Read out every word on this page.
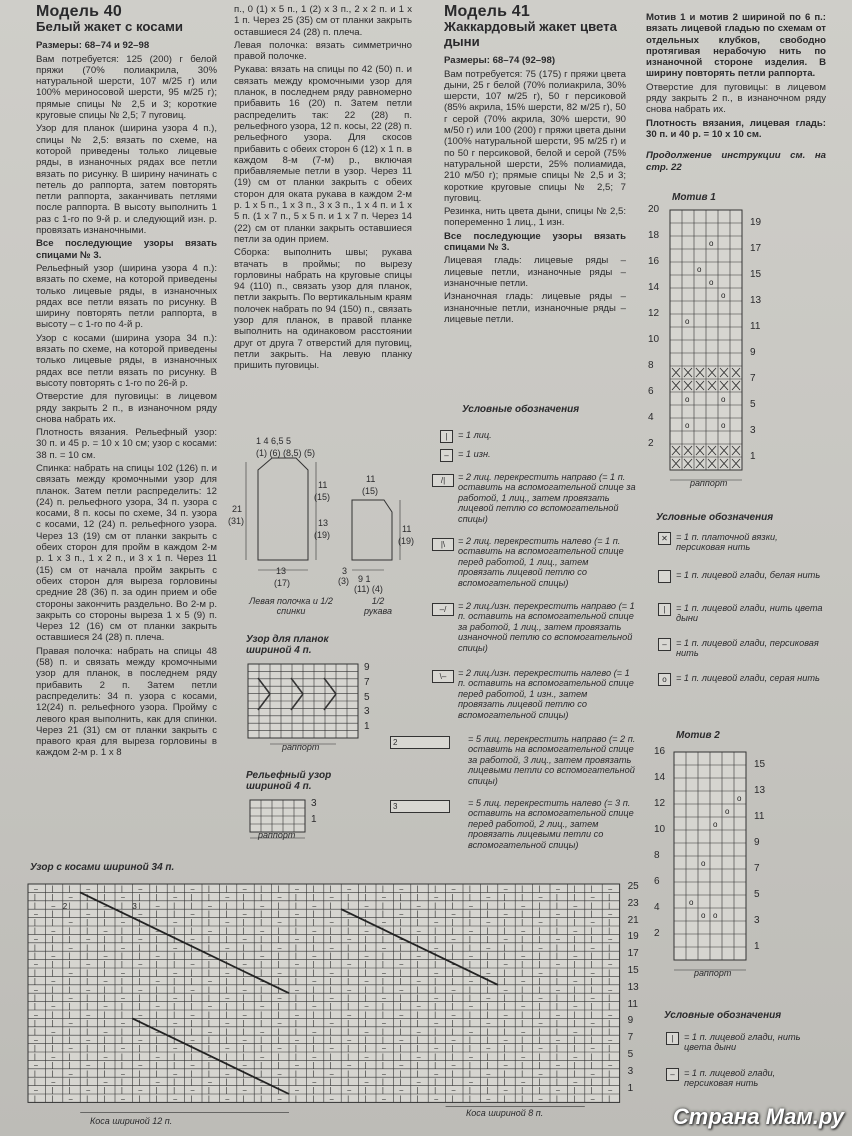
Модель 40
Белый жакет с косами

Размеры: 68–74 и 92–98

Вам потребуется: 125 (200) г белой пряжи (70% полиакрила, 30% натуральной шерсти, 107 м/25 г) или 100% мериносовой шерсти, 95 м/25 г); прямые спицы № 2,5 и 3; короткие круговые спицы № 2,5; 7 пуговиц.

Узор для планок (ширина узора 4 п.), спицы № 2,5: вязать по схеме, на которой приведены только лицевые ряды, в изнаночных рядах все петли вязать по рисунку. В ширину начинать с петель до раппорта, затем повторять петли раппорта, заканчивать петлями после раппорта. В высоту выполнить 1 раз с 1-го по 9-й р. и следующий изн. р. провязать изнаночными.

Все последующие узоры вязать спицами № 3.

Рельефный узор (ширина узора 4 п.): вязать по схеме, на которой приведены только лицевые ряды, в изнаночных рядах все петли вязать по рисунку. В ширину повторять петли раппорта, в высоту – с 1-го по 4-й р.

Узор с косами (ширина узора 34 п.): вязать по схеме, на которой приведены только лицевые ряды, в изнаночных рядах все петли вязать по рисунку. В высоту повторять с 1-го по 26-й р.

Отверстие для пуговицы: в лицевом ряду закрыть 2 п., в изнаночном ряду снова набрать их.

Плотность вязания. Рельефный узор: 30 п. и 45 р. = 10 x 10 см; узор с косами: 38 п. = 10 см.

Спинка: набрать на спицы 102 (126) п. и связать между кромочными узор для планок. Затем петли распределить: 12 (24) п. рельефного узора, 34 п. узора с косами, 8 п. косы по схеме, 34 п. узора с косами, 12 (24) п. рельефного узора. Через 13 (19) см от планки закрыть с обеих сторон для пройм в каждом 2-м р. 1 x 3 п., 1 x 2 п., и 3 x 1 п. Через 11 (15) см от начала пройм закрыть с обеих сторон для выреза горловины средние 28 (36) п. за один прием и обе стороны закончить раздельно. Во 2-м р. закрыть со стороны выреза 1 x 5 (9) п. Через 12 (16) см от планки закрыть оставшиеся 24 (28) п. плеча.

Правая полочка: набрать на спицы 48 (58) п. и связать между кромочными узор для планок, в последнем ряду прибавить 2 п. Затем петли распределить: 34 п. узора с косами, 12(24) п. рельефного узора. Пройму с левого края выполнить, как для спинки. Через 21 (31) см от планки закрыть с правого края для выреза горловины в каждом 2-м р. 1 x 8

п., 0 (1) x 5 п., 1 (2) x 3 п., 2 x 2 п. и 1 x 1 п. Через 25 (35) см от планки закрыть оставшиеся 24 (28) п. плеча.

Левая полочка: вязать симметрично правой полочке.

Рукава: вязать на спицы по 42 (50) п. и связать между кромочными узор для планок, в последнем ряду равномерно прибавить 16 (20) п. Затем петли распределить так: 22 (28) п. рельефного узора, 12 п. косы, 22 (28) п. рельефного узора. Для скосов прибавить с обеих сторон 6 (12) x 1 п. в каждом 8-м (7-м) р., включая прибавляемые петли в узор. Через 11 (19) см от планки закрыть с обеих сторон для оката рукава в каждом 2-м р. 1 x 5 п., 1 x 3 п., 3 x 3 п., 1 x 4 п. и 1 x 5 п. (1 x 7 п., 5 x 5 п. и 1 x 7 п. Через 14 (22) см от планки закрыть оставшиеся петли за один прием.

Сборка: выполнить швы; рукава втачать в проймы; по вырезу горловины набрать на круговые спицы 94 (110) п., связать узор для планок, петли закрыть. По вертикальным краям полочек набрать по 94 (150) п., связать узор для планок, в правой планке выполнить на одинаковом расстоянии друг от друга 7 отверстий для пуговиц, петли закрыть. На левую планку пришить пуговицы.

Модель 41
Жаккардовый жакет цвета дыни

Размеры: 68–74 (92–98)

Вам потребуется: 75 (175) г пряжи цвета дыни, 25 г белой (70% полиакрила, 30% шерсти, 107 м/25 г), 50 г персиковой (85% акрила, 15% шерсти, 82 м/25 г), 50 г серой (70% акрила, 30% шерсти, 90 м/50 г) или 100 (200) г пряжи цвета дыни (100% натуральной шерсти, 95 м/25 г) и по 50 г персиковой, белой и серой (75% натуральной шерсти, 25% полиамида, 210 м/50 г); прямые спицы № 2,5 и 3; короткие круговые спицы № 2,5; 7 пуговиц.

Резинка, нить цвета дыни, спицы № 2,5: попеременно 1 лиц., 1 изн.

Все последующие узоры вязать спицами № 3.

Лицевая гладь: лицевые ряды – лицевые петли, изнаночные ряды – изнаночные петли.

Изнаночная гладь: лицевые ряды – изнаночные петли, изнаночные ряды – лицевые петли.

Мотив 1 и мотив 2 шириной по 6 п.: вязать лицевой гладью по схемам от отдельных клубков, свободно протягивая нерабочую нить по изнаночной стороне изделия. В ширину повторять петли раппорта.

Отверстие для пуговицы: в лицевом ряду закрыть 2 п., в изнаночном ряду снова набрать их.

Плотность вязания, лицевая гладь: 30 п. и 40 р. = 10 x 10 см.

Продолжение инструкции см. на стр. 22

Мотив 1
o
o
o	o
o	o
o
o
o
o
o
o
o
o
o o
– | | – | | – | | – | | – | | – | | – | | – | | – | | – | | – | | –
| | – | | – | | – | | – | | – | | – | | – | | – | | – | | – | | – |
| – | | – | | – | | – | | – | | – | | – | | – | | – | | – | | – | |
– | | – | | – | | – | | – | | – | | – | | – | | – | | – | | – | | –
| | – | | – | | – | | – | | – | | – | | – | | – | | – | | – | | – |
| – | | – | | – | | – | | – | | – | | – | | – | | – | | – | | – | |
– | | – | | – | | – | | – | | – | | – | | – | | – | | – | | – | | –
| | – | | – | | – | | – | | – | | – | | – | | – | | – | | – | | – |
| – | | – | | – | | – | | – | | – | | – | | – | | – | | – | | – | |
– | | – | | – | | – | | – | | – | | – | | – | | – | | – | | – | | –
| | – | | – | | – | | – | | – | | – | | – | | – | | – | | – | | – |
| – | | – | | – | | – | | – | | – | | – | | – | | – | | – | | – | |
– | | – | | – | | – | | – | | – | | – | | – | | – | | – | | – | | –
| | – | | – | | – | | – | | – | | – | | – | | – | | – | | – | | – |
| – | | – | | – | | – | | – | | – | | – | | – | | – | | – | | – | |
– | | – | | – | | – | | – | | – | | – | | – | | – | | – | | – | | –
| | – | | – | | – | | – | | – | | – | | – | | – | | – | | – | | – |
| – | | – | | – | | – | | – | | – | | – | | – | | – | | – | | – | |
– | | – | | – | | – | | – | | – | | – | | – | | – | | – | | – | | –
| | – | | – | | – | | – | | – | | – | | – | | – | | – | | – | | – |
| – | | – | | – | | – | | – | | – | | – | | – | | – | | – | | – | |
– | | – | | – | | – | | – | | – | | – | | – | | – | | – | | – | | –
| | – | | – | | – | | – | | – | | – | | – | | – | | – | | – | | – |
| – | | – | | – | | – | | – | | – | | – | | – | | – | | – | | – | |
– | | – | | – | | – | | – | | – | | – | | – | | – | | – | | – | | –
| | – | | – | | – | | – | | – | | – | | – | | – | | – | | – | | – |
2	3
20
18
16
14
12
10
8
6
4
2
19
17
15
13
11
9
7
5
3
1
раппорт
Условные обозначения
✕ = 1 п. платочной вязки, персиковая нить
= 1 п. лицевой глади, белая нить
|	= 1 п. лицевой глади, нить цвета дыни
–	= 1 п. лицевой глади, персиковая нить
o	= 1 п. лицевой глади, серая нить
Мотив 2
16
14
12
10
8
6
4
2
15
13
11
9
7
5
3
1
раппорт
Условные обозначения
|	= 1 п. лицевой глади, нить цвета дыни
–	= 1 п. лицевой глади, персиковая нить
Условные обозначения
|	= 1 лиц.
–	= 1 изн.
/|	= 2 лиц. перекрестить направо (= 1 п. оставить на вспомогательной спице за работой, 1 лиц., затем провязать лицевой петлю со вспомогательной спицы)
|\	= 2 лиц. перекрестить налево (= 1 п. оставить на вспомогательной спице перед работой, 1 лиц., затем провязать лицевой петлю со вспомогательной спицы)
–/	= 2 лиц./изн. перекрестить направо (= 1 п. оставить на вспомогательной спице за работой, 1 лиц., затем провязать изнаночной петлю со вспомогательной спицы)
\–	= 2 лиц./изн. перекрестить налево (= 1 п. оставить на вспомогательной спице перед работой, 1 изн., затем провязать лицевой петлю со вспомогательной спицы)
2	= 5 лиц. перекрестить направо (= 2 п. оставить на вспомогательной спице за работой, 3 лиц., затем провязать лицевыми петли со вспомогательной спицы)
3	= 5 лиц. перекрестить налево (= 3 п. оставить на вспомогательной спице перед работой, 2 лиц., затем провязать лицевыми петли со вспомогательной спицы)
Левая полочка и 1/2 спинки
1/2 рукава
1 4 6,5 5
(1) (6) (8,5) (5)
21
(31)
11
(15)
13
(19)
13
(17)
11
(15)
11
(19)
9 1
(11) (4)
3
(3)
Узор для планок шириной 4 п.
9
7
5
3
1
раппорт
Рельефный узор шириной 4 п.
3
1
раппорт
Узор с косами шириной 34 п.
25
23
21
19
17
15
13
11
9
7
5
3
1
Коса шириной 12 п.
Коса шириной 8 п.	Страна Мам.ру
